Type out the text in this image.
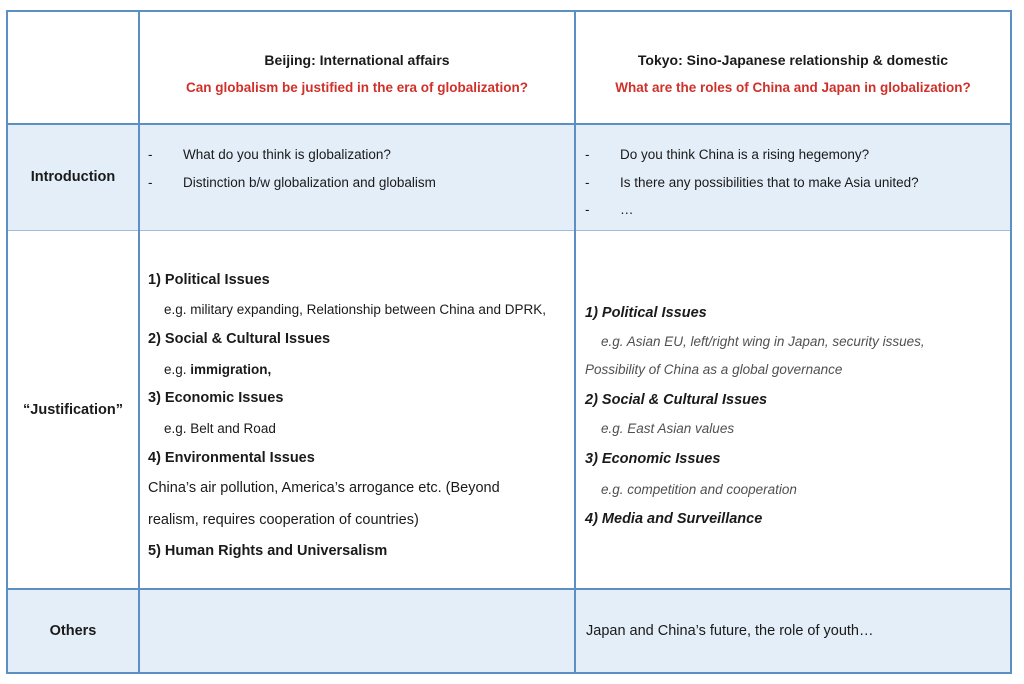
Beijing: International affairs
Can globalism be justified in the era of globalization?
Tokyo: Sino-Japanese relationship & domestic
What are the roles of China and Japan in globalization?
Introduction
- What do you think is globalization?
- Distinction b/w globalization and globalism
- Do you think China is a rising hegemony?
- Is there any possibilities that to make Asia united?
- …
“Justification”
1) Political Issues
e.g. military expanding, Relationship between China and DPRK,
2) Social & Cultural Issues
e.g. immigration,
3) Economic Issues
e.g. Belt and Road
4) Environmental Issues
China’s air pollution, America’s arrogance etc. (Beyond
realism, requires cooperation of countries)
5) Human Rights and Universalism
1) Political Issues
e.g. Asian EU, left/right wing in Japan, security issues,
Possibility of China as a global governance
2) Social & Cultural Issues
e.g. East Asian values
3) Economic Issues
e.g. competition and cooperation
4) Media and Surveillance
Others	Japan and China’s future, the role of youth…
